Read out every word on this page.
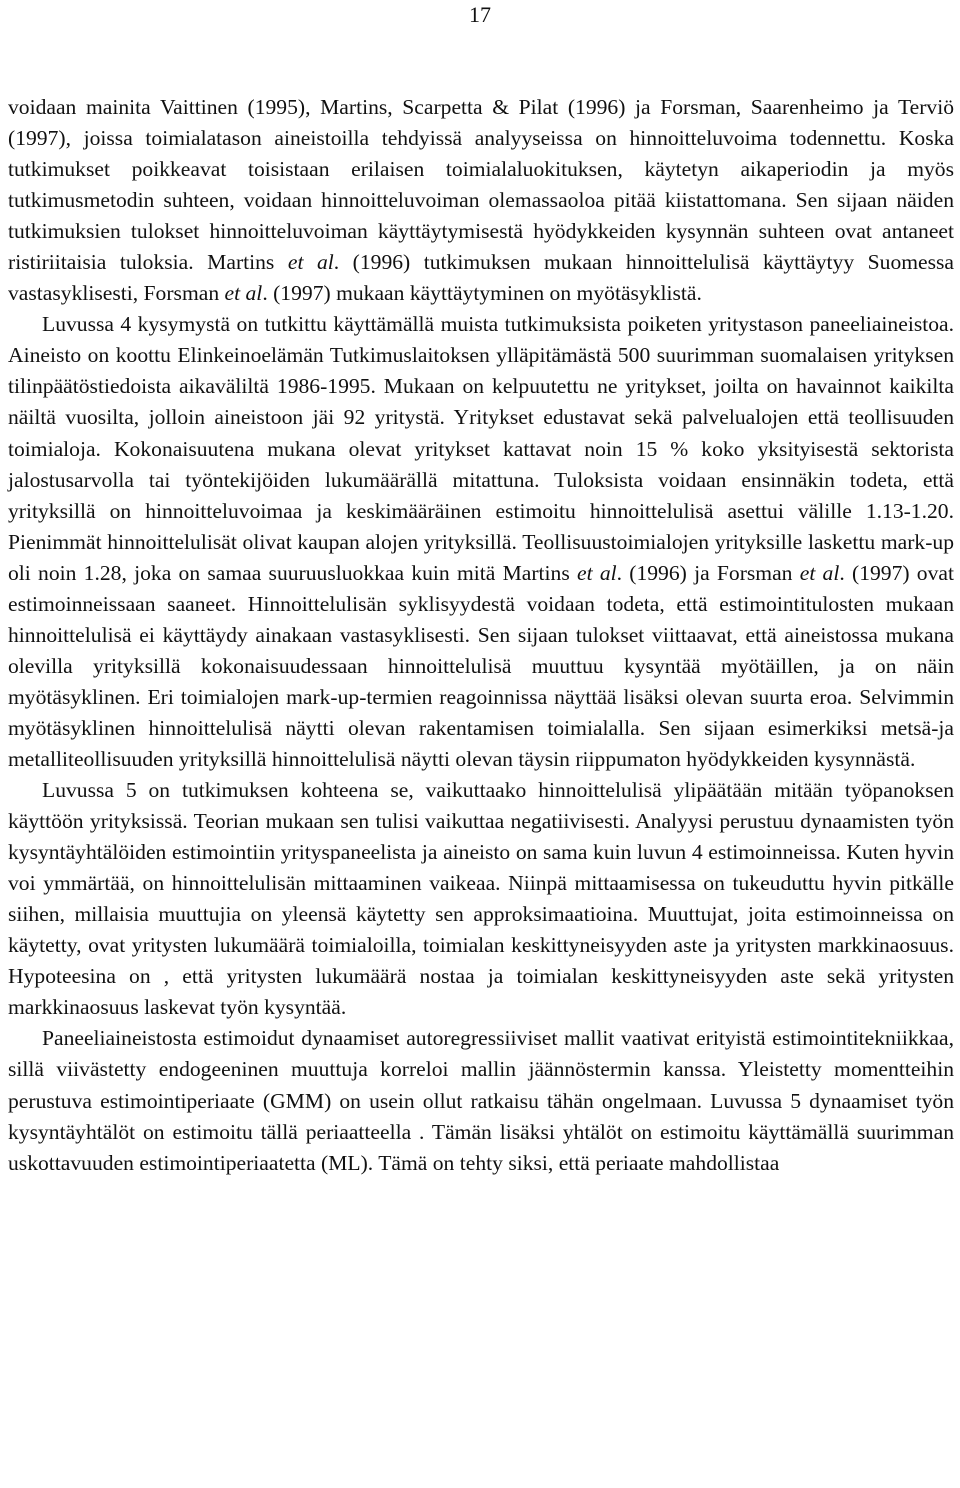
17

voidaan mainita Vaittinen (1995), Martins, Scarpetta & Pilat (1996) ja Forsman, Saarenheimo ja Terviö (1997), joissa toimialatason aineistoilla tehdyissä analyyseissa on hinnoitteluvoima todennettu. Koska tutkimukset poikkeavat toisistaan erilaisen toimialaluokituksen, käytetyn aikaperiodin ja myös tutkimusmetodin suhteen, voidaan hinnoitteluvoiman olemassaoloa pitää kiistattomana. Sen sijaan näiden tutkimuksien tulokset hinnoitteluvoiman käyttäytymisestä hyödykkeiden kysynnän suhteen ovat antaneet ristiriitaisia tuloksia. Martins et al. (1996) tutkimuksen mukaan hinnoittelulisä käyttäytyy Suomessa vastasyklisesti, Forsman et al. (1997) mukaan käyttäytyminen on myötäsyklistä.

Luvussa 4 kysymystä on tutkittu käyttämällä muista tutkimuksista poiketen yritystason paneeliaineistoa. Aineisto on koottu Elinkeinoelämän Tutkimuslaitoksen ylläpitämästä 500 suurimman suomalaisen yrityksen tilinpäätöstiedoista aikaväliltä 1986-1995. Mukaan on kelpuutettu ne yritykset, joilta on havainnot kaikilta näiltä vuosilta, jolloin aineistoon jäi 92 yritystä. Yritykset edustavat sekä palvelualojen että teollisuuden toimialoja. Kokonaisuutena mukana olevat yritykset kattavat noin 15 % koko yksityisestä sektorista jalostusarvolla tai työntekijöiden lukumäärällä mitattuna. Tuloksista voidaan ensinnäkin todeta, että yrityksillä on hinnoitteluvoimaa ja keskimääräinen estimoitu hinnoittelulisä asettui välille 1.13-1.20. Pienimmät hinnoittelulisät olivat kaupan alojen yrityksillä. Teollisuustoimialojen yrityksille laskettu mark-up oli noin 1.28, joka on samaa suuruusluokkaa kuin mitä Martins et al. (1996) ja Forsman et al. (1997) ovat estimoinneissaan saaneet. Hinnoittelulisän syklisyydestä voidaan todeta, että estimointitulosten mukaan hinnoittelulisä ei käyttäydy ainakaan vastasyklisesti. Sen sijaan tulokset viittaavat, että aineistossa mukana olevilla yrityksillä kokonaisuudessaan hinnoittelulisä muuttuu kysyntää myötäillen, ja on näin myötäsyklinen. Eri toimialojen mark-up-termien reagoinnissa näyttää lisäksi olevan suurta eroa. Selvimmin myötäsyklinen hinnoittelulisä näytti olevan rakentamisen toimialalla. Sen sijaan esimerkiksi metsä-ja metalliteollisuuden yrityksillä hinnoittelulisä näytti olevan täysin riippumaton hyödykkeiden kysynnästä.

Luvussa 5 on tutkimuksen kohteena se, vaikuttaako hinnoittelulisä ylipäätään mitään työpanoksen käyttöön yrityksissä. Teorian mukaan sen tulisi vaikuttaa negatiivisesti. Analyysi perustuu dynaamisten työn kysyntäyhtälöiden estimointiin yrityspaneelista ja aineisto on sama kuin luvun 4 estimoinneissa. Kuten hyvin voi ymmärtää, on hinnoittelulisän mittaaminen vaikeaa. Niinpä mittaamisessa on tukeuduttu hyvin pitkälle siihen, millaisia muuttujia on yleensä käytetty sen approksimaatioina. Muuttujat, joita estimoinneissa on käytetty, ovat yritysten lukumäärä toimialoilla, toimialan keskittyneisyyden aste ja yritysten markkinaosuus. Hypoteesina on , että yritysten lukumäärä nostaa ja toimialan keskittyneisyyden aste sekä yritysten markkinaosuus laskevat työn kysyntää.

Paneeliaineistosta estimoidut dynaamiset autoregressiiviset mallit vaativat erityistä estimointitekniikkaa, sillä viivästetty endogeeninen muuttuja korreloi mallin jäännöstermin kanssa. Yleistetty momentteihin perustuva estimointiperiaate (GMM) on usein ollut ratkaisu tähän ongelmaan. Luvussa 5 dynaamiset työn kysyntäyhtälöt on estimoitu tällä periaatteella . Tämän lisäksi yhtälöt on estimoitu käyttämällä suurimman uskottavuuden estimointiperiaatetta (ML). Tämä on tehty siksi, että periaate mahdollistaa
